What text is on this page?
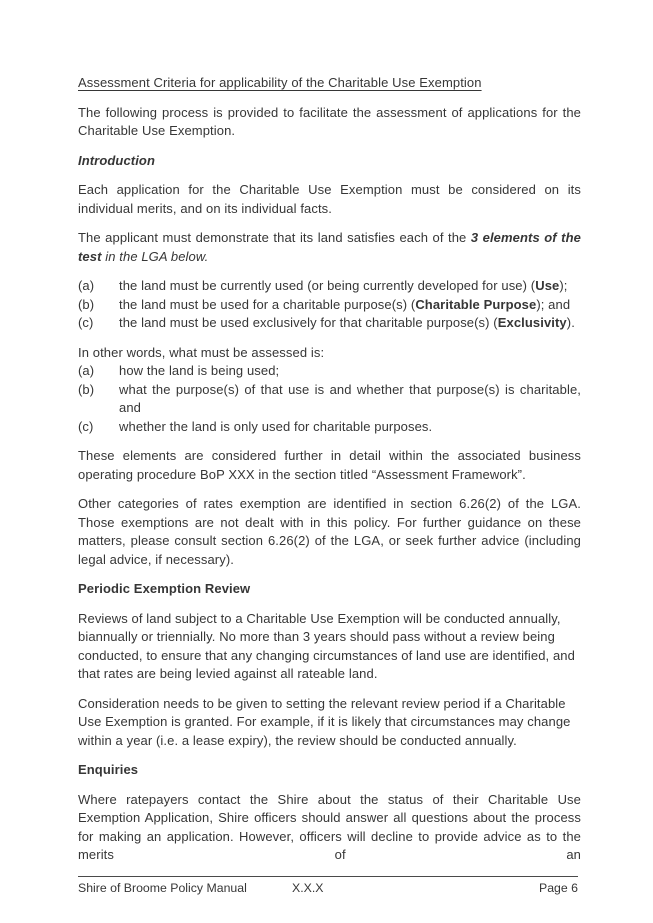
Assessment Criteria for applicability of the Charitable Use Exemption

The following process is provided to facilitate the assessment of applications for the Charitable Use Exemption.

Introduction

Each application for the Charitable Use Exemption must be considered on its individual merits, and on its individual facts.

The applicant must demonstrate that its land satisfies each of the 3 elements of the test in the LGA below.

(a) the land must be currently used (or being currently developed for use) (Use);
(b) the land must be used for a charitable purpose(s) (Charitable Purpose); and
(c) the land must be used exclusively for that charitable purpose(s) (Exclusivity).

In other words, what must be assessed is:

(a) how the land is being used;
(b) what the purpose(s) of that use is and whether that purpose(s) is charitable, and
(c) whether the land is only used for charitable purposes.

These elements are considered further in detail within the associated business operating procedure BoP XXX in the section titled “Assessment Framework”.

Other categories of rates exemption are identified in section 6.26(2) of the LGA. Those exemptions are not dealt with in this policy. For further guidance on these matters, please consult section 6.26(2) of the LGA, or seek further advice (including legal advice, if necessary).

Periodic Exemption Review

Reviews of land subject to a Charitable Use Exemption will be conducted annually, biannually or triennially. No more than 3 years should pass without a review being conducted, to ensure that any changing circumstances of land use are identified, and that rates are being levied against all rateable land.

Consideration needs to be given to setting the relevant review period if a Charitable Use Exemption is granted. For example, if it is likely that circumstances may change within a year (i.e. a lease expiry), the review should be conducted annually.

Enquiries

Where ratepayers contact the Shire about the status of their Charitable Use Exemption Application, Shire officers should answer all questions about the process for making an application. However, officers will decline to provide advice as to the merits of an

Shire of Broome Policy Manual	X.X.X	Page 6
